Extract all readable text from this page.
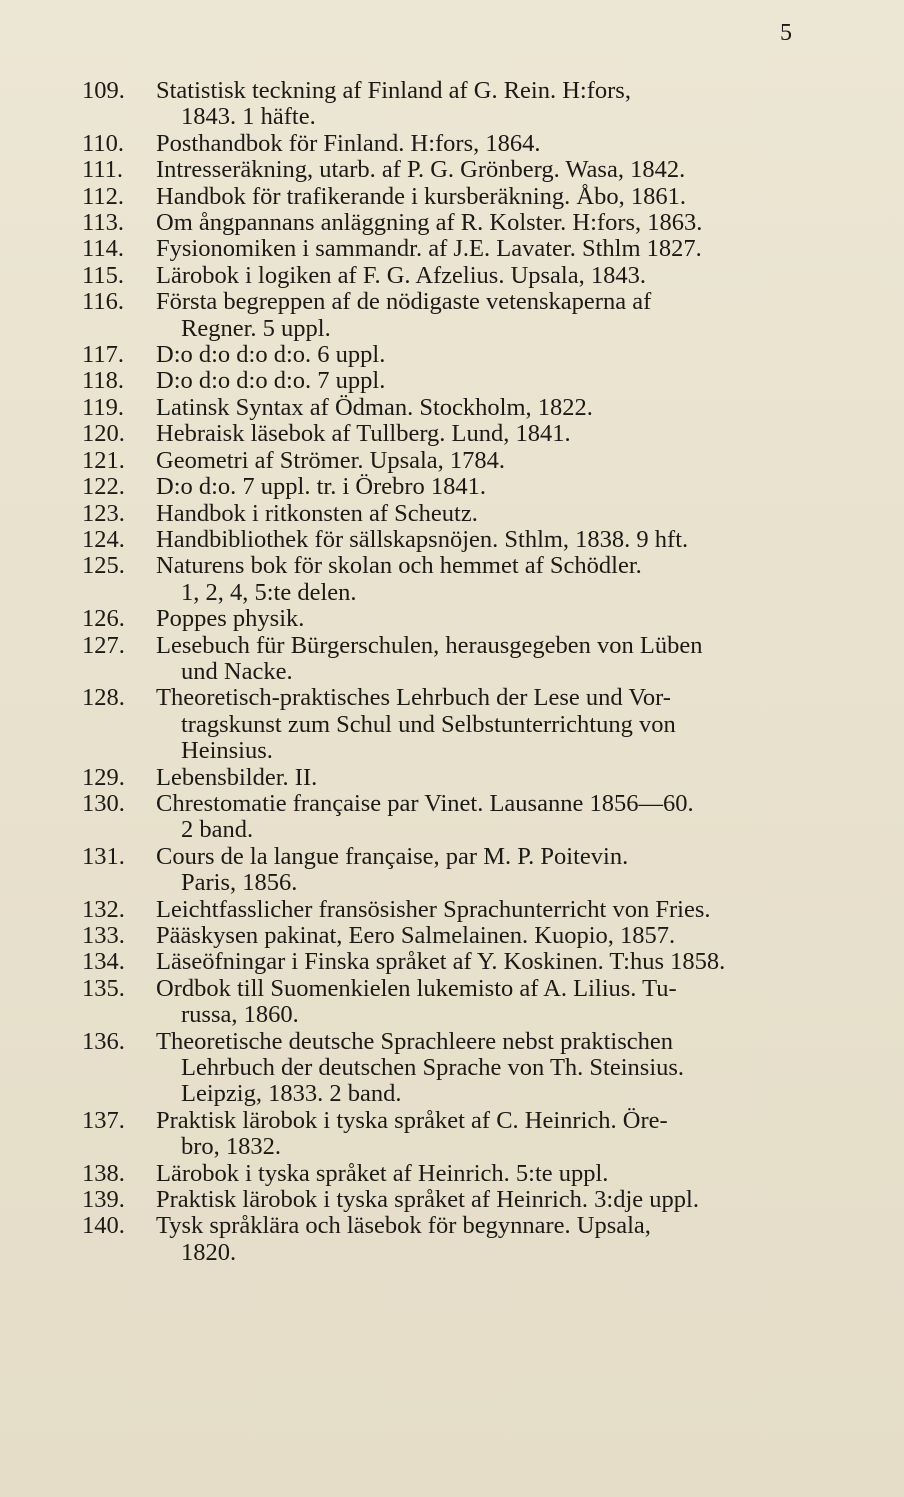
5
109.	Statistisk teckning af Finland af G. Rein. H:fors,
1843. 1 häfte.
110.	Posthandbok för Finland. H:fors, 1864.
111.	Intresseräkning, utarb. af P. G. Grönberg. Wasa, 1842.
112.	Handbok för trafikerande i kursberäkning. Åbo, 1861.
113.	Om ångpannans anläggning af R. Kolster. H:fors, 1863.
114.	Fysionomiken i sammandr. af J.E. Lavater. Sthlm 1827.
115.	Lärobok i logiken af F. G. Afzelius. Upsala, 1843.
116.	Första begreppen af de nödigaste vetenskaperna af
Regner. 5 uppl.
117.	D:o d:o d:o d:o. 6 uppl.
118.	D:o d:o d:o d:o. 7 uppl.
119.	Latinsk Syntax af Ödman. Stockholm, 1822.
120.	Hebraisk läsebok af Tullberg. Lund, 1841.
121.	Geometri af Strömer. Upsala, 1784.
122.	D:o d:o. 7 uppl. tr. i Örebro 1841.
123.	Handbok i ritkonsten af Scheutz.
124.	Handbibliothek för sällskapsnöjen. Sthlm, 1838. 9 hft.
125.	Naturens bok för skolan och hemmet af Schödler.
1, 2, 4, 5:te delen.
126.	Poppes physik.
127.	Lesebuch für Bürgerschulen, herausgegeben von Lüben
und Nacke.
128.	Theoretisch-praktisches Lehrbuch der Lese und Vor-
tragskunst zum Schul und Selbstunterrichtung von
Heinsius.
129.	Lebensbilder. II.
130.	Chrestomatie française par Vinet. Lausanne 1856—60.
2 band.
131.	Cours de la langue française, par M. P. Poitevin.
Paris, 1856.
132.	Leichtfasslicher fransösisher Sprachunterricht von Fries.
133.	Pääskysen pakinat, Eero Salmelainen. Kuopio, 1857.
134.	Läseöfningar i Finska språket af Y. Koskinen. T:hus 1858.
135.	Ordbok till Suomenkielen lukemisto af A. Lilius. Tu-
russa, 1860.
136.	Theoretische deutsche Sprachleere nebst praktischen
Lehrbuch der deutschen Sprache von Th. Steinsius.
Leipzig, 1833. 2 band.
137.	Praktisk lärobok i tyska språket af C. Heinrich. Öre-
bro, 1832.
138.	Lärobok i tyska språket af Heinrich. 5:te uppl.
139.	Praktisk lärobok i tyska språket af Heinrich. 3:dje uppl.
140.	Tysk språklära och läsebok för begynnare. Upsala,
1820.
